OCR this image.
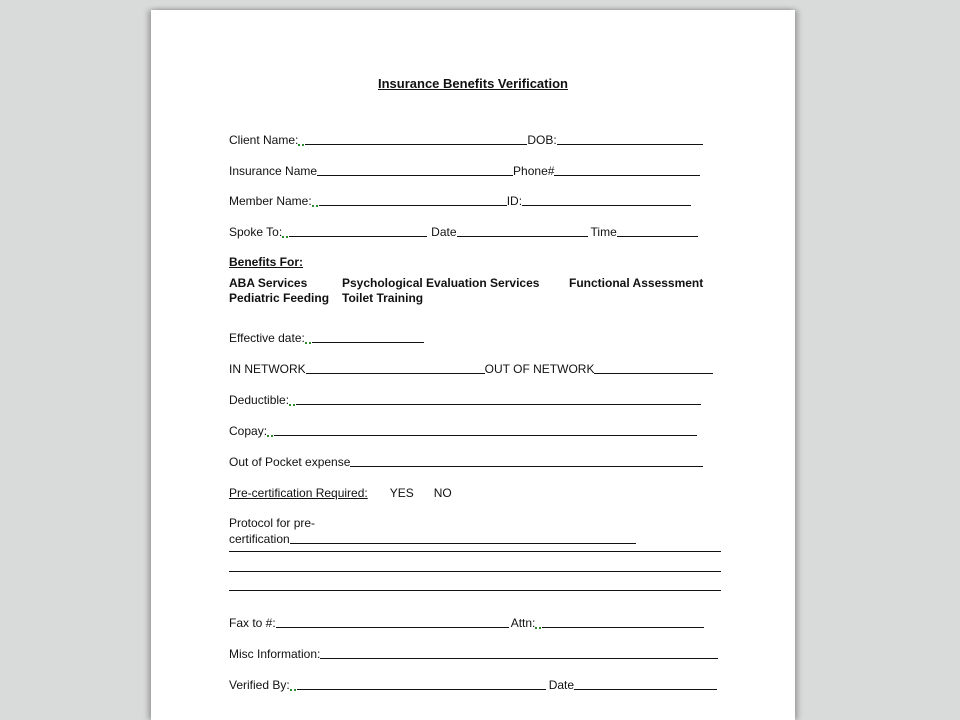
Insurance Benefits Verification
Client Name:	DOB:
Insurance Name	Phone#
Member Name:	ID:
Spoke To:	Date	Time
Benefits For:
ABA Services	Psychological Evaluation Services Functional Assessment
Pediatric Feeding Toilet Training
Effective date:
IN NETWORK	OUT OF NETWORK
Deductible:
Copay:
Out of Pocket expense
Pre-certification Required: YES NO
Protocol for pre-
certification
Fax to #:	Attn:
Misc Information:
Verified By:	Date
